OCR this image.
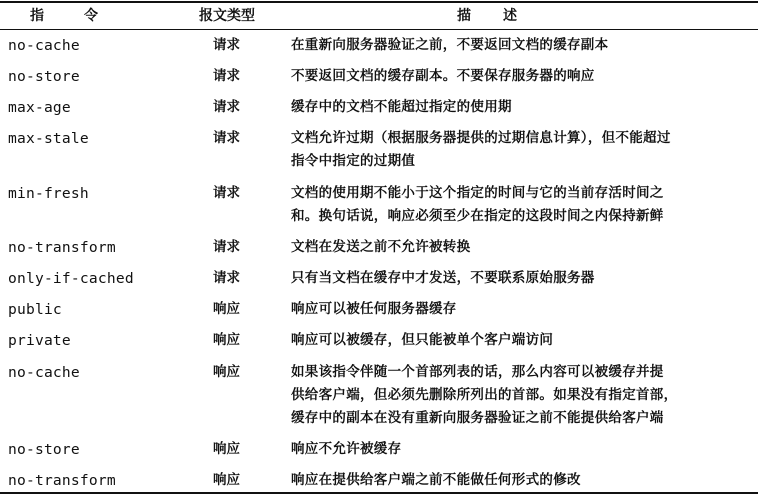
指令	报文类型	描述
no-cache	请求	在重新向服务器验证之前，不要返回文档的缓存副本
no-store	请求	不要返回文档的缓存副本。不要保存服务器的响应
max-age	请求	缓存中的文档不能超过指定的使用期
max-stale	请求	文档允许过期（根据服务器提供的过期信息计算），但不能超过
指令中指定的过期值
min-fresh	请求	文档的使用期不能小于这个指定的时间与它的当前存活时间之
和。换句话说，响应必须至少在指定的这段时间之内保持新鲜
no-transform	请求	文档在发送之前不允许被转换
only-if-cached	请求	只有当文档在缓存中才发送，不要联系原始服务器
public	响应	响应可以被任何服务器缓存
private	响应	响应可以被缓存，但只能被单个客户端访问
no-cache	响应	如果该指令伴随一个首部列表的话，那么内容可以被缓存并提
供给客户端，但必须先删除所列出的首部。如果没有指定首部，
缓存中的副本在没有重新向服务器验证之前不能提供给客户端
no-store	响应	响应不允许被缓存
no-transform	响应	响应在提供给客户端之前不能做任何形式的修改
